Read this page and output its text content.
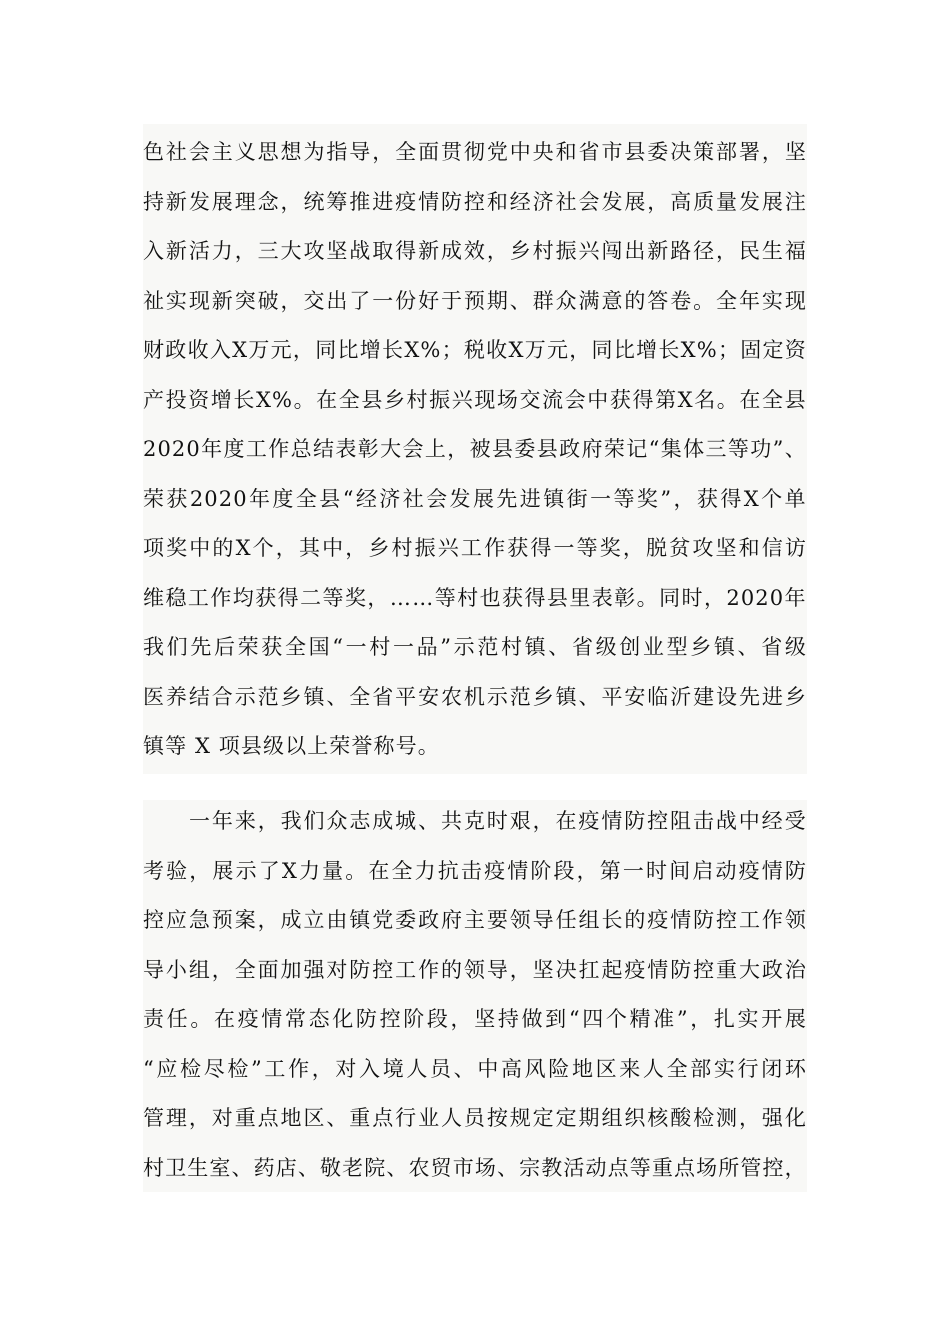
色 社 会 主 义 思 想 为 指 导 ， 全 面 贯 彻 党 中 央 和 省 市 县 委 决 策 部 署 ， 坚
持 新 发 展 理 念 ， 统 筹 推 进 疫 情 防 控 和 经 济 社 会 发 展 ， 高 质 量 发 展 注
入 新 活 力 ， 三 大 攻 坚 战 取 得 新 成 效 ， 乡 村 振 兴 闯 出 新 路 径 ， 民 生 福
祉 实 现 新 突 破 ， 交 出 了 一 份 好 于 预 期 、 群 众 满 意 的 答 卷 。 全 年 实 现
财 政 收 入 X 万 元 ， 同 比 增 长 X% ； 税 收 X 万 元 ， 同 比 增 长 X% ； 固 定 资
产 投 资 增 长 X% 。 在 全 县 乡 村 振 兴 现 场 交 流 会 中 获 得 第 X 名 。 在 全 县
2020 年 度 工 作 总 结 表 彰 大 会 上 ， 被 县 委 县 政 府 荣 记 “ 集 体 三 等 功 ” 、
荣 获 2020 年 度 全 县 “ 经 济 社 会 发 展 先 进 镇 街 一 等 奖 ” ， 获 得 X 个 单
项 奖 中 的 X 个 ， 其 中 ， 乡 村 振 兴 工 作 获 得 一 等 奖 ， 脱 贫 攻 坚 和 信 访
维 稳 工 作 均 获 得 二 等 奖 ， … … 等 村 也 获 得 县 里 表 彰 。 同 时 ， 2020 年
我 们 先 后 荣 获 全 国 “ 一 村 一 品 ” 示 范 村 镇 、 省 级 创 业 型 乡 镇 、 省 级
医 养 结 合 示 范 乡 镇 、 全 省 平 安 农 机 示 范 乡 镇 、 平 安 临 沂 建 设 先 进 乡
镇等 X 项县级以上荣誉称号。
一 年 来 ， 我 们 众 志 成 城 、 共 克 时 艰 ， 在 疫 情 防 控 阻 击 战 中 经 受
考 验 ， 展 示 了 X 力 量 。 在 全 力 抗 击 疫 情 阶 段 ， 第 一 时 间 启 动 疫 情 防
控 应 急 预 案 ， 成 立 由 镇 党 委 政 府 主 要 领 导 任 组 长 的 疫 情 防 控 工 作 领
导 小 组 ， 全 面 加 强 对 防 控 工 作 的 领 导 ， 坚 决 扛 起 疫 情 防 控 重 大 政 治
责 任 。 在 疫 情 常 态 化 防 控 阶 段 ， 坚 持 做 到 “ 四 个 精 准 ” ， 扎 实 开 展
“ 应 检 尽 检 ” 工 作 ， 对 入 境 人 员 、 中 高 风 险 地 区 来 人 全 部 实 行 闭 环
管 理 ， 对 重 点 地 区 、 重 点 行 业 人 员 按 规 定 定 期 组 织 核 酸 检 测 ， 强 化
村 卫 生 室 、 药 店 、 敬 老 院 、 农 贸 市 场 、 宗 教 活 动 点 等 重 点 场 所 管 控 ，
